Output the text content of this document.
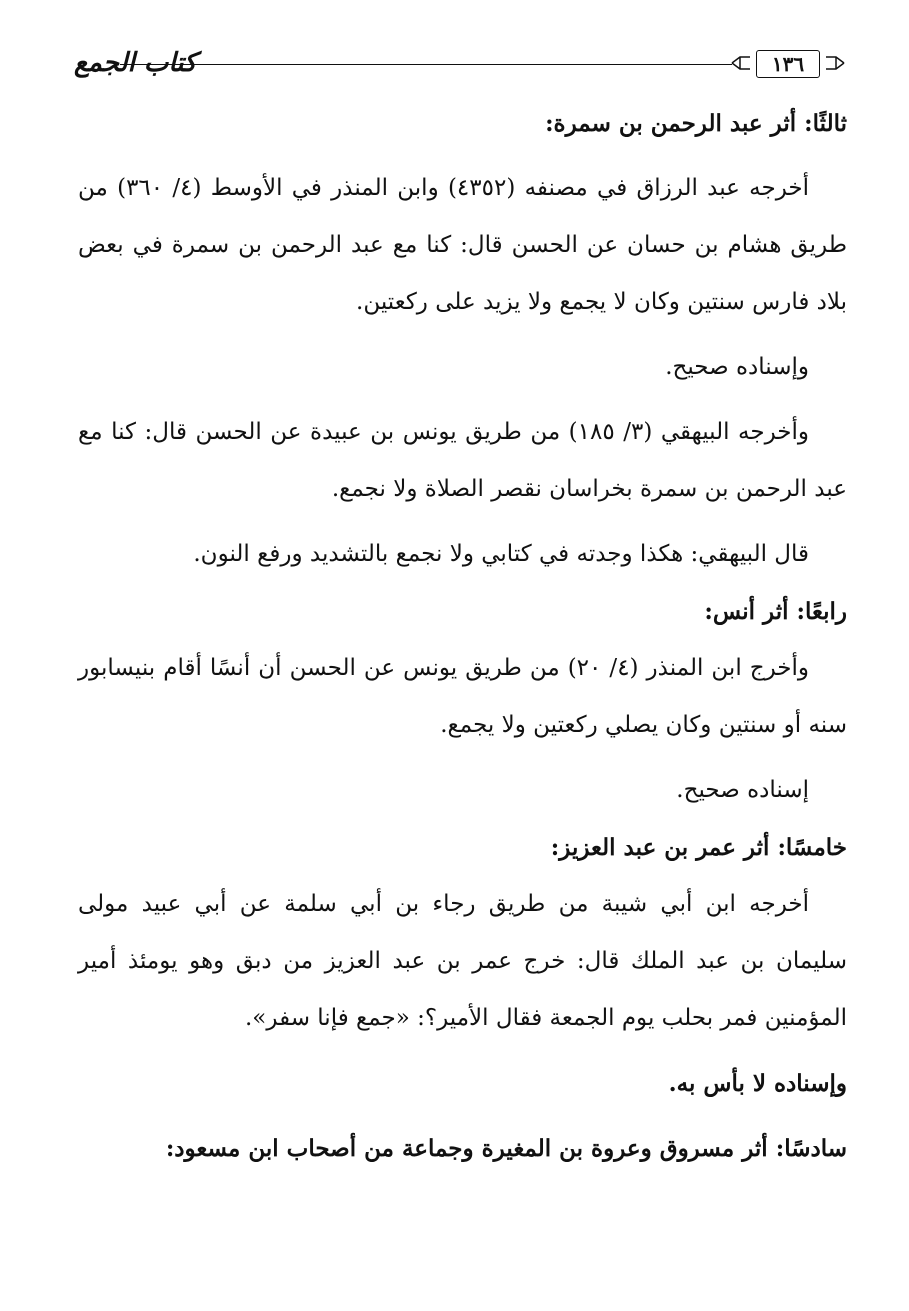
كتاب الجمع	١٣٦

ثالثًا: أثر عبد الرحمن بن سمرة:

أخرجه عبد الرزاق في مصنفه (٤٣٥٢) وابن المنذر في الأوسط (٤/ ٣٦٠) من طريق هشام بن حسان عن الحسن قال: كنا مع عبد الرحمن بن سمرة في بعض بلاد فارس سنتين وكان لا يجمع ولا يزيد على ركعتين.

وإسناده صحيح.

وأخرجه البيهقي (٣/ ١٨٥) من طريق يونس بن عبيدة عن الحسن قال: كنا مع عبد الرحمن بن سمرة بخراسان نقصر الصلاة ولا نجمع.

قال البيهقي: هكذا وجدته في كتابي ولا نجمع بالتشديد ورفع النون.

رابعًا: أثر أنس:

وأخرج ابن المنذر (٤/ ٢٠) من طريق يونس عن الحسن أن أنسًا أقام بنيسابور سنه أو سنتين وكان يصلي ركعتين ولا يجمع.

إسناده صحيح.

خامسًا: أثر عمر بن عبد العزيز:

أخرجه ابن أبي شيبة من طريق رجاء بن أبي سلمة عن أبي عبيد مولى سليمان بن عبد الملك قال: خرج عمر بن عبد العزيز من دبق وهو يومئذ أمير المؤمنين فمر بحلب يوم الجمعة فقال الأمير؟: «جمع فإنا سفر».

وإسناده لا بأس به.

سادسًا: أثر مسروق وعروة بن المغيرة وجماعة من أصحاب ابن مسعود:
